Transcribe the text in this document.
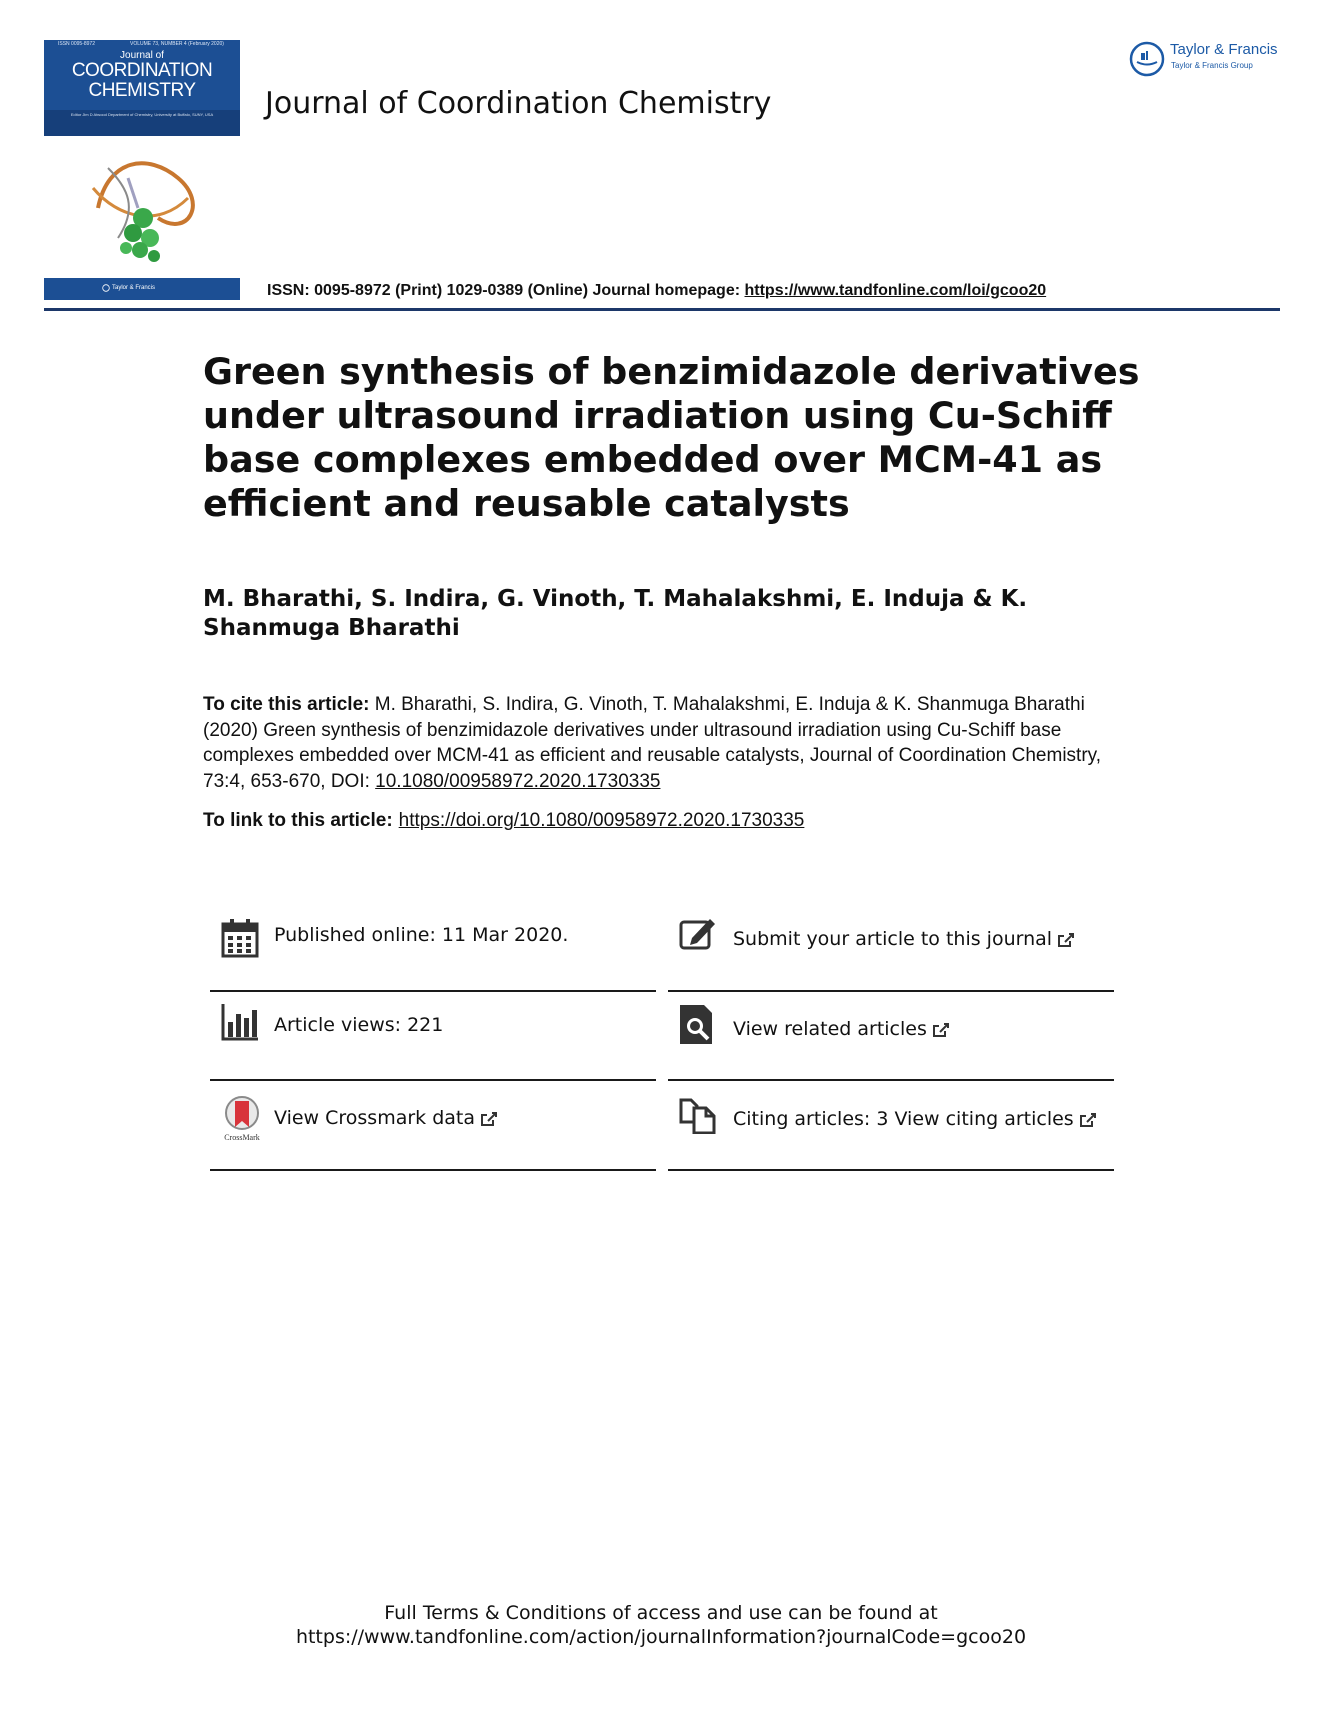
ISSN 0095-8972	VOLUME 73, NUMBER 4 (February 2020)
Journal of
COORDINATION
CHEMISTRY
Editor Jim D Atwood Department of Chemistry, University at Buffalo, SUNY, USA
Taylor & Francis
Journal of Coordination Chemistry
Taylor & Francis
Taylor & Francis Group
ISSN: 0095-8972 (Print) 1029-0389 (Online) Journal homepage: https://www.tandfonline.com/loi/gcoo20
Green synthesis of benzimidazole derivatives under ultrasound irradiation using Cu-Schiff base complexes embedded over MCM-41 as efficient and reusable catalysts
M. Bharathi, S. Indira, G. Vinoth, T. Mahalakshmi, E. Induja & K. Shanmuga Bharathi
To cite this article: M. Bharathi, S. Indira, G. Vinoth, T. Mahalakshmi, E. Induja & K. Shanmuga Bharathi (2020) Green synthesis of benzimidazole derivatives under ultrasound irradiation using Cu-Schiff base complexes embedded over MCM-41 as efficient and reusable catalysts, Journal of Coordination Chemistry, 73:4, 653-670, DOI: 10.1080/00958972.2020.1730335
To link to this article: https://doi.org/10.1080/00958972.2020.1730335
Published online: 11 Mar 2020.
Article views: 221
CrossMark
View Crossmark data
Submit your article to this journal
View related articles
Citing articles: 3 View citing articles
Full Terms & Conditions of access and use can be found at
https://www.tandfonline.com/action/journalInformation?journalCode=gcoo20
